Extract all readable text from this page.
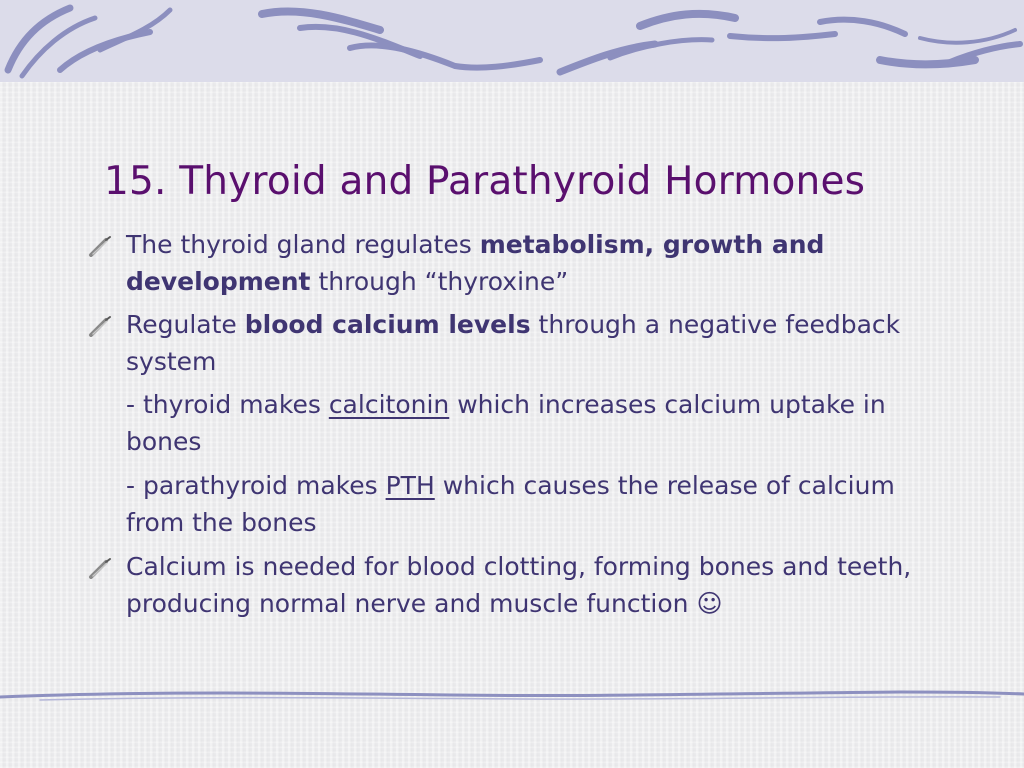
15. Thyroid and Parathyroid Hormones

The thyroid gland regulates metabolism, growth and development through “thyroxine”

Regulate blood calcium levels through a negative feedback system

- thyroid makes calcitonin which increases calcium uptake in bones

- parathyroid makes PTH which causes the release of calcium from the bones

Calcium is needed for blood clotting, forming bones and teeth, producing normal nerve and muscle function ☺
